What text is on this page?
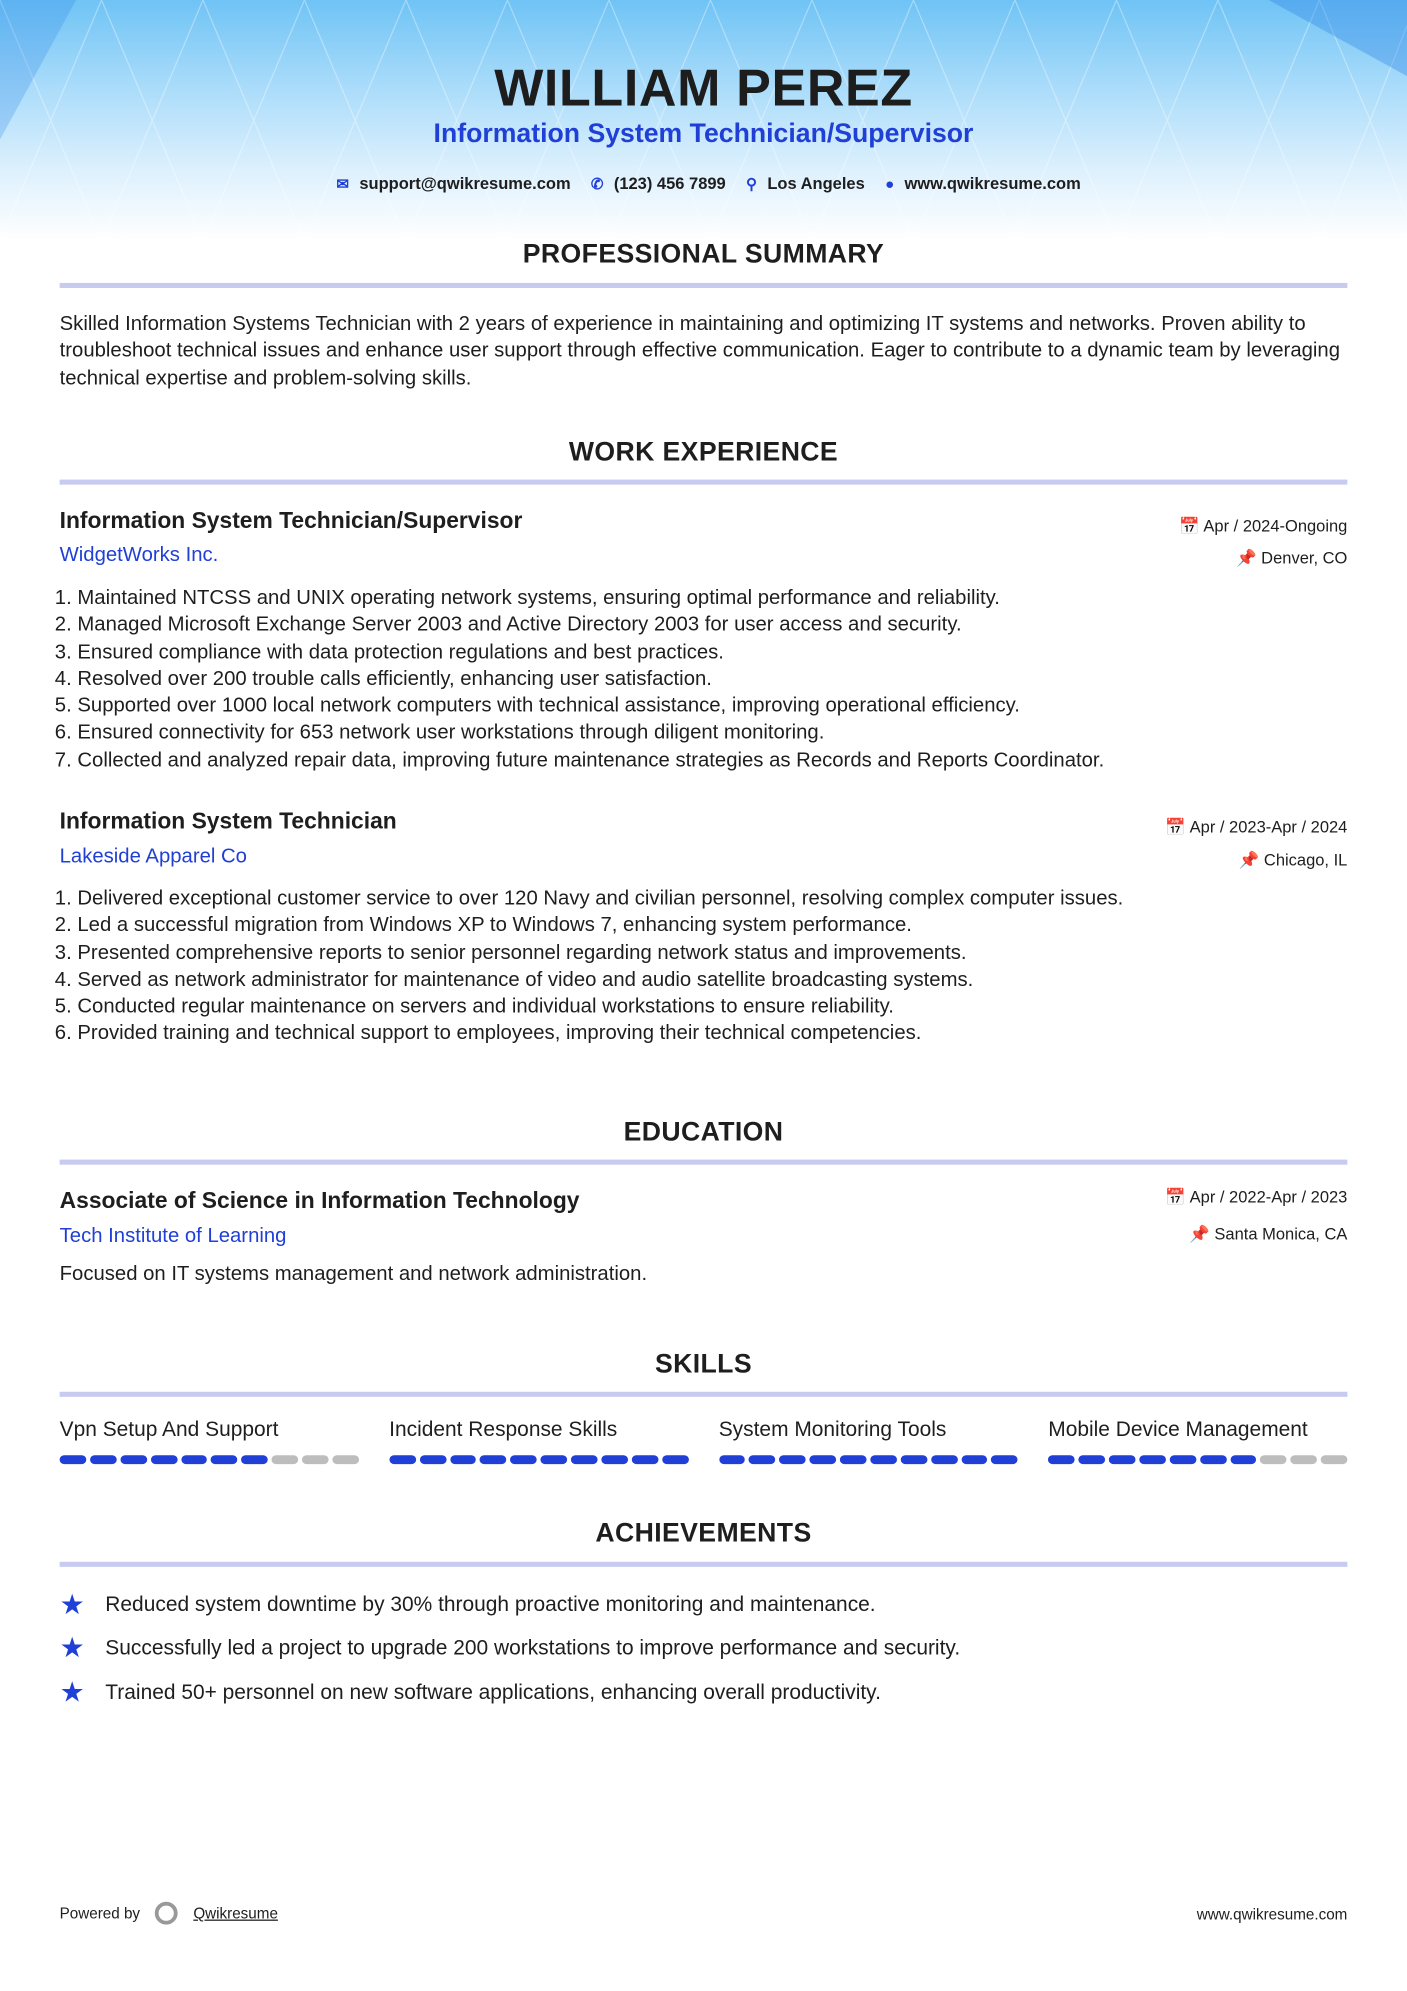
WILLIAM PEREZ
Information System Technician/Supervisor
✉ support@qwikresume.com ✆ (123) 456 7899 ⚲ Los Angeles ● www.qwikresume.com
PROFESSIONAL SUMMARY
Skilled Information Systems Technician with 2 years of experience in maintaining and optimizing IT systems and networks. Proven ability to troubleshoot technical issues and enhance user support through effective communication. Eager to contribute to a dynamic team by leveraging technical expertise and problem-solving skills.
WORK EXPERIENCE
Information System Technician/Supervisor	📅 Apr / 2024-Ongoing
WidgetWorks Inc.	📌 Denver, CO
1. Maintained NTCSS and UNIX operating network systems, ensuring optimal performance and reliability.
2. Managed Microsoft Exchange Server 2003 and Active Directory 2003 for user access and security.
3. Ensured compliance with data protection regulations and best practices.
4. Resolved over 200 trouble calls efficiently, enhancing user satisfaction.
5. Supported over 1000 local network computers with technical assistance, improving operational efficiency.
6. Ensured connectivity for 653 network user workstations through diligent monitoring.
7. Collected and analyzed repair data, improving future maintenance strategies as Records and Reports Coordinator.
Information System Technician	📅 Apr / 2023-Apr / 2024
Lakeside Apparel Co	📌 Chicago, IL
1. Delivered exceptional customer service to over 120 Navy and civilian personnel, resolving complex computer issues.
2. Led a successful migration from Windows XP to Windows 7, enhancing system performance.
3. Presented comprehensive reports to senior personnel regarding network status and improvements.
4. Served as network administrator for maintenance of video and audio satellite broadcasting systems.
5. Conducted regular maintenance on servers and individual workstations to ensure reliability.
6. Provided training and technical support to employees, improving their technical competencies.
EDUCATION
Associate of Science in Information Technology	📅 Apr / 2022-Apr / 2023
Tech Institute of Learning	📌 Santa Monica, CA
Focused on IT systems management and network administration.
SKILLS
Vpn Setup And Support	Incident Response Skills	System Monitoring Tools	Mobile Device Management
ACHIEVEMENTS
★	Reduced system downtime by 30% through proactive monitoring and maintenance.
★	Successfully led a project to upgrade 200 workstations to improve performance and security.
★	Trained 50+ personnel on new software applications, enhancing overall productivity.
Powered by	Qwikresume	www.qwikresume.com
